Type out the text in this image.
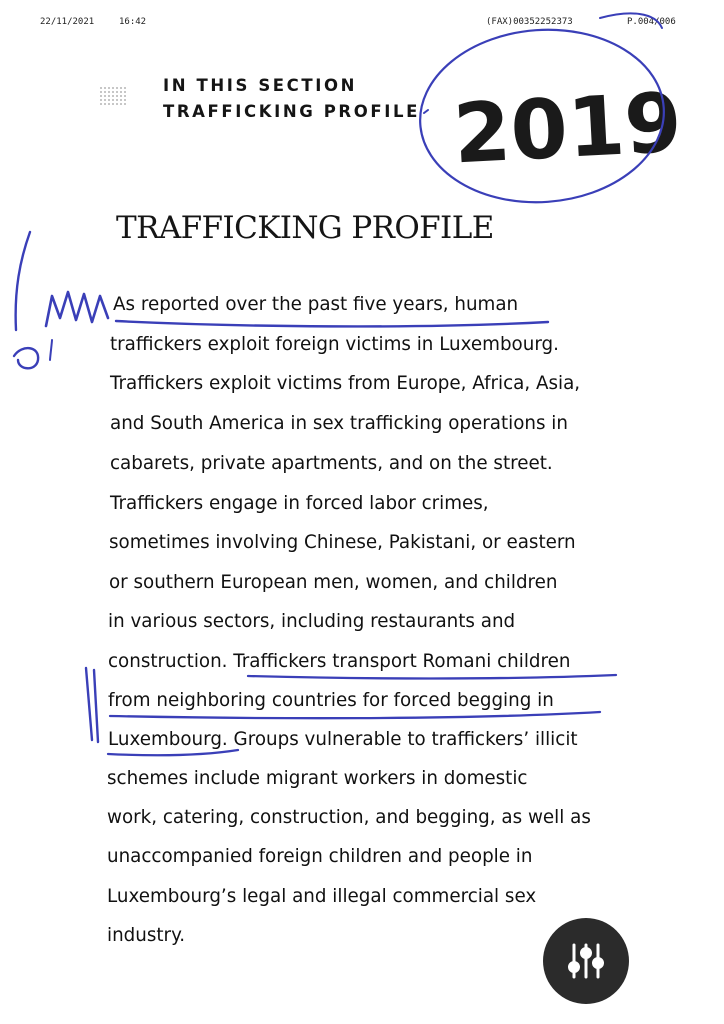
22/11/2021	16:42	(FAX)00352252373	P.004/006
IN THIS SECTION
TRAFFICKING PROFILE
TRAFFICKING PROFILE
As reported over the past five years, human
traffickers exploit foreign victims in Luxembourg.
Traffickers exploit victims from Europe, Africa, Asia,
and South America in sex trafficking operations in
cabarets, private apartments, and on the street.
Traffickers engage in forced labor crimes,
sometimes involving Chinese, Pakistani, or eastern
or southern European men, women, and children
in various sectors, including restaurants and
construction. Traffickers transport Romani children
from neighboring countries for forced begging in
Luxembourg. Groups vulnerable to traffickers’ illicit
schemes include migrant workers in domestic
work, catering, construction, and begging, as well as
unaccompanied foreign children and people in
Luxembourg’s legal and illegal commercial sex
industry.
2019
